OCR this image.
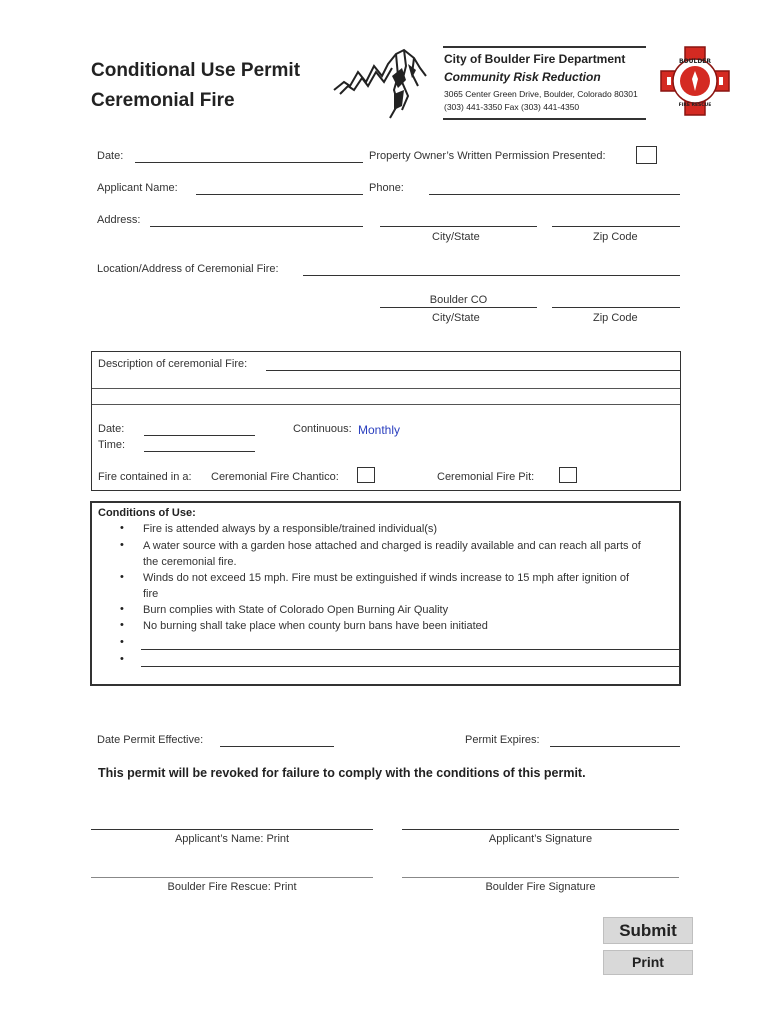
Conditional Use Permit
Ceremonial Fire
City of Boulder Fire Department
Community Risk Reduction
3065 Center Green Drive, Boulder, Colorado 80301
(303) 441-3350 Fax (303) 441-4350
BOULDER
FIRE RESCUE
Date:	Property Owner’s Written Permission Presented:
Applicant Name:	Phone:
Address:
City/State	Zip Code
Location/Address of Ceremonial Fire:
Boulder CO
City/State	Zip Code
Description of ceremonial Fire:
Date:
Time:
Continuous: Monthly
Fire contained in a: Ceremonial Fire Chantico:	Ceremonial Fire Pit:
Conditions of Use:
• Fire is attended always by a responsible/trained individual(s)
• A water source with a garden hose attached and charged is readily available and can reach all parts of
the ceremonial fire.
• Winds do not exceed 15 mph. Fire must be extinguished if winds increase to 15 mph after ignition of
fire
• Burn complies with State of Colorado Open Burning Air Quality
• No burning shall take place when county burn bans have been initiated
•
•
Date Permit Effective:	Permit Expires:
This permit will be revoked for failure to comply with the conditions of this permit.
Applicant’s Name: Print	Applicant’s Signature
Boulder Fire Rescue: Print	Boulder Fire Signature
Submit
Print
